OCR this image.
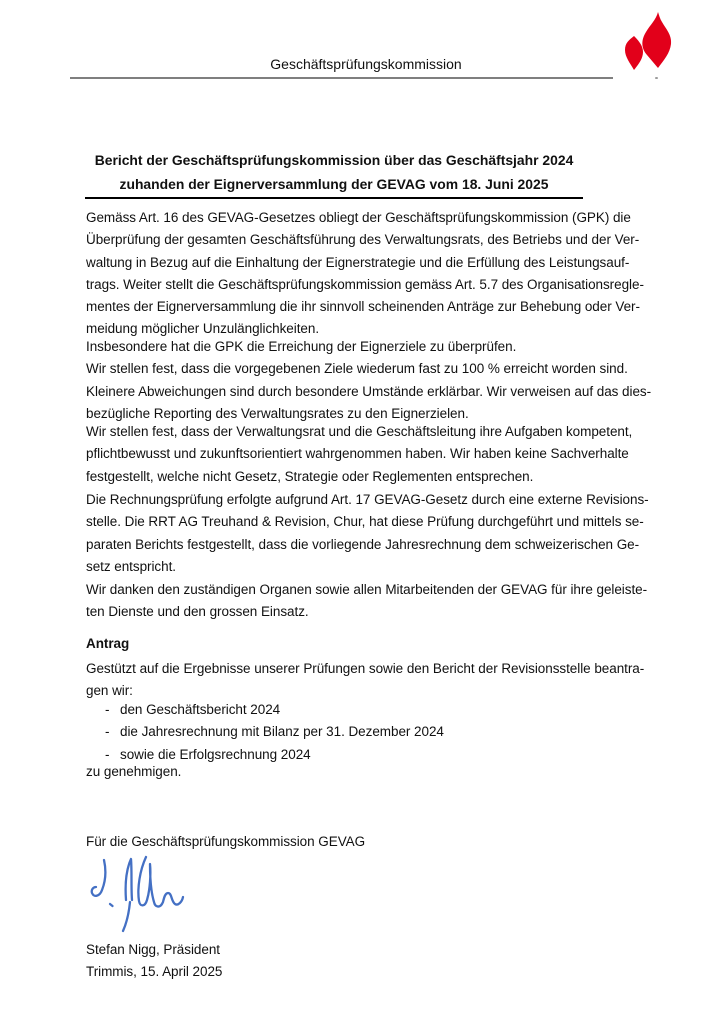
Geschäftsprüfungskommission
Bericht der Geschäftsprüfungskommission über das Geschäftsjahr 2024
zuhanden der Eignerversammlung der GEVAG vom 18. Juni 2025
Gemäss Art. 16 des GEVAG-Gesetzes obliegt der Geschäftsprüfungskommission (GPK) die
Überprüfung der gesamten Geschäftsführung des Verwaltungsrats, des Betriebs und der Ver-
waltung in Bezug auf die Einhaltung der Eignerstrategie und die Erfüllung des Leistungsauf-
trags. Weiter stellt die Geschäftsprüfungskommission gemäss Art. 5.7 des Organisationsregle-
mentes der Eignerversammlung die ihr sinnvoll scheinenden Anträge zur Behebung oder Ver-
meidung möglicher Unzulänglichkeiten.
Insbesondere hat die GPK die Erreichung der Eignerziele zu überprüfen.
Wir stellen fest, dass die vorgegebenen Ziele wiederum fast zu 100 % erreicht worden sind.
Kleinere Abweichungen sind durch besondere Umstände erklärbar. Wir verweisen auf das dies-
bezügliche Reporting des Verwaltungsrates zu den Eignerzielen.
Wir stellen fest, dass der Verwaltungsrat und die Geschäftsleitung ihre Aufgaben kompetent,
pflichtbewusst und zukunftsorientiert wahrgenommen haben. Wir haben keine Sachverhalte
festgestellt, welche nicht Gesetz, Strategie oder Reglementen entsprechen.
Die Rechnungsprüfung erfolgte aufgrund Art. 17 GEVAG-Gesetz durch eine externe Revisions-
stelle. Die RRT AG Treuhand & Revision, Chur, hat diese Prüfung durchgeführt und mittels se-
paraten Berichts festgestellt, dass die vorliegende Jahresrechnung dem schweizerischen Ge-
setz entspricht.
Wir danken den zuständigen Organen sowie allen Mitarbeitenden der GEVAG für ihre geleiste-
ten Dienste und den grossen Einsatz.
Antrag
Gestützt auf die Ergebnisse unserer Prüfungen sowie den Bericht der Revisionsstelle beantra-
gen wir:
- den Geschäftsbericht 2024
- die Jahresrechnung mit Bilanz per 31. Dezember 2024
- sowie die Erfolgsrechnung 2024
zu genehmigen.
Für die Geschäftsprüfungskommission GEVAG
Stefan Nigg, Präsident
Trimmis, 15. April 2025
